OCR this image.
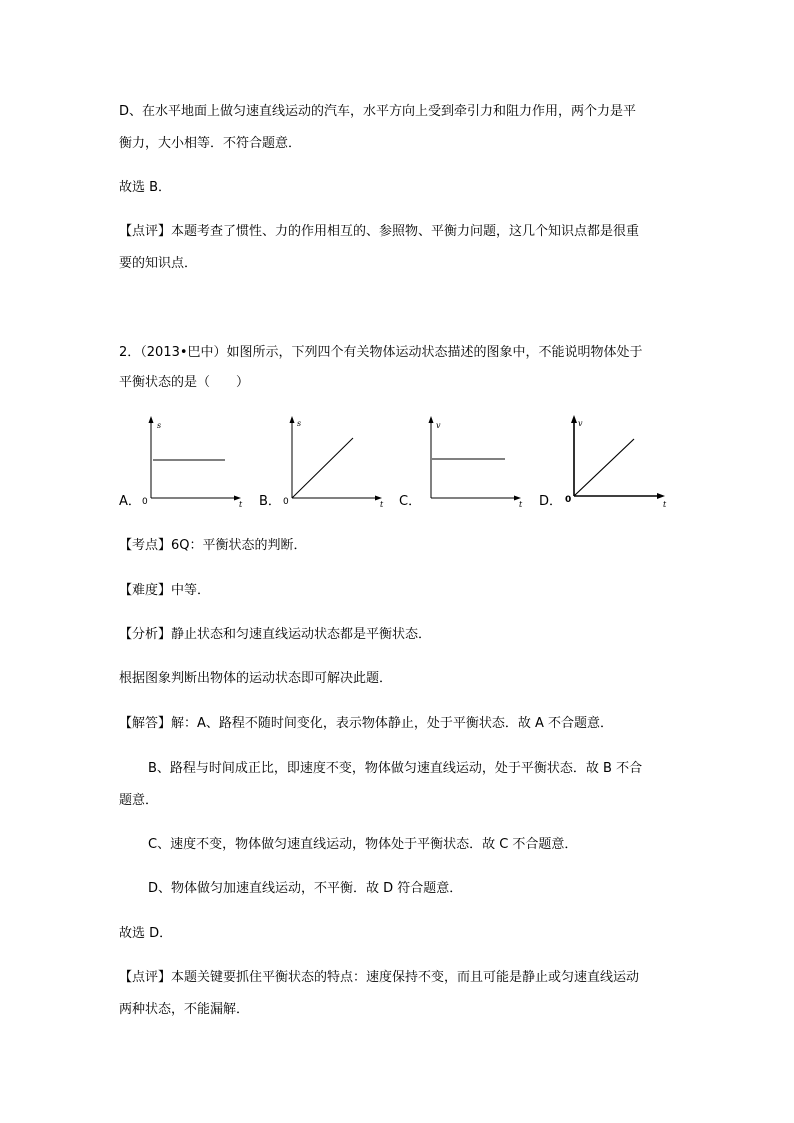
D、在水平地面上做匀速直线运动的汽车，水平方向上受到牵引力和阻力作用，两个力是平
衡力，大小相等．不符合题意．
故选 B．
【点评】本题考查了惯性、力的作用相互的、参照物、平衡力问题，这几个知识点都是很重
要的知识点．
2．（2013•巴中）如图所示，下列四个有关物体运动状态描述的图象中，不能说明物体处于
平衡状态的是（　　）
A．
s
t
0	B．
s
t
0	C．
v
t D．
v
t
0
【考点】6Q：平衡状态的判断．
【难度】中等．
【分析】静止状态和匀速直线运动状态都是平衡状态．
根据图象判断出物体的运动状态即可解决此题．
【解答】解：A、路程不随时间变化，表示物体静止，处于平衡状态．故 A 不合题意．
B、路程与时间成正比，即速度不变，物体做匀速直线运动，处于平衡状态．故 B 不合
题意．
C、速度不变，物体做匀速直线运动，物体处于平衡状态．故 C 不合题意．
D、物体做匀加速直线运动，不平衡．故 D 符合题意．
故选 D．
【点评】本题关键要抓住平衡状态的特点：速度保持不变，而且可能是静止或匀速直线运动
两种状态，不能漏解．
